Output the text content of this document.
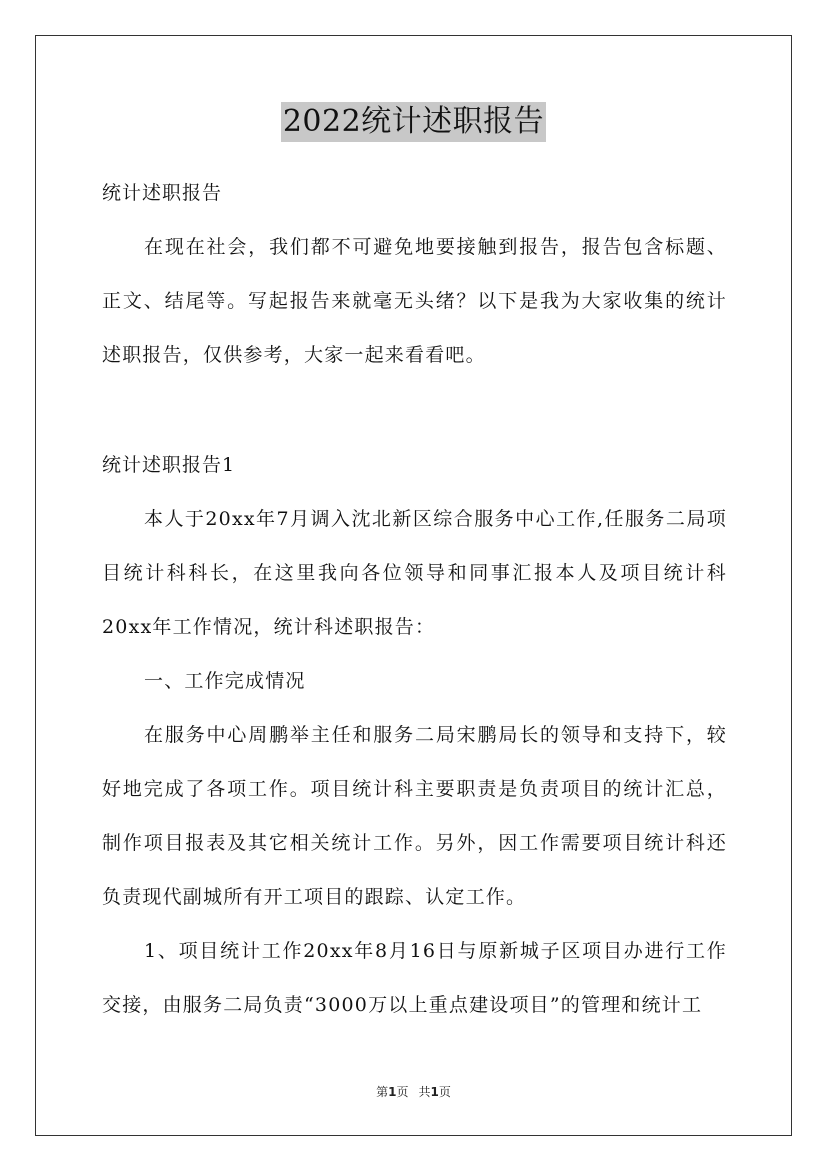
2022统计述职报告
统计述职报告
在现在社会，我们都不可避免地要接触到报告，报告包含标题、正文、结尾等。写起报告来就毫无头绪？以下是我为大家收集的统计述职报告，仅供参考，大家一起来看看吧。
统计述职报告1
本人于20xx年7月调入沈北新区综合服务中心工作,任服务二局项目统计科科长，在这里我向各位领导和同事汇报本人及项目统计科20xx年工作情况，统计科述职报告：
一、工作完成情况
在服务中心周鹏举主任和服务二局宋鹏局长的领导和支持下，较好地完成了各项工作。项目统计科主要职责是负责项目的统计汇总，制作项目报表及其它相关统计工作。另外，因工作需要项目统计科还负责现代副城所有开工项目的跟踪、认定工作。
1、项目统计工作20xx年8月16日与原新城子区项目办进行工作交接，由服务二局负责“3000万以上重点建设项目”的管理和统计工
第1页 共1页
